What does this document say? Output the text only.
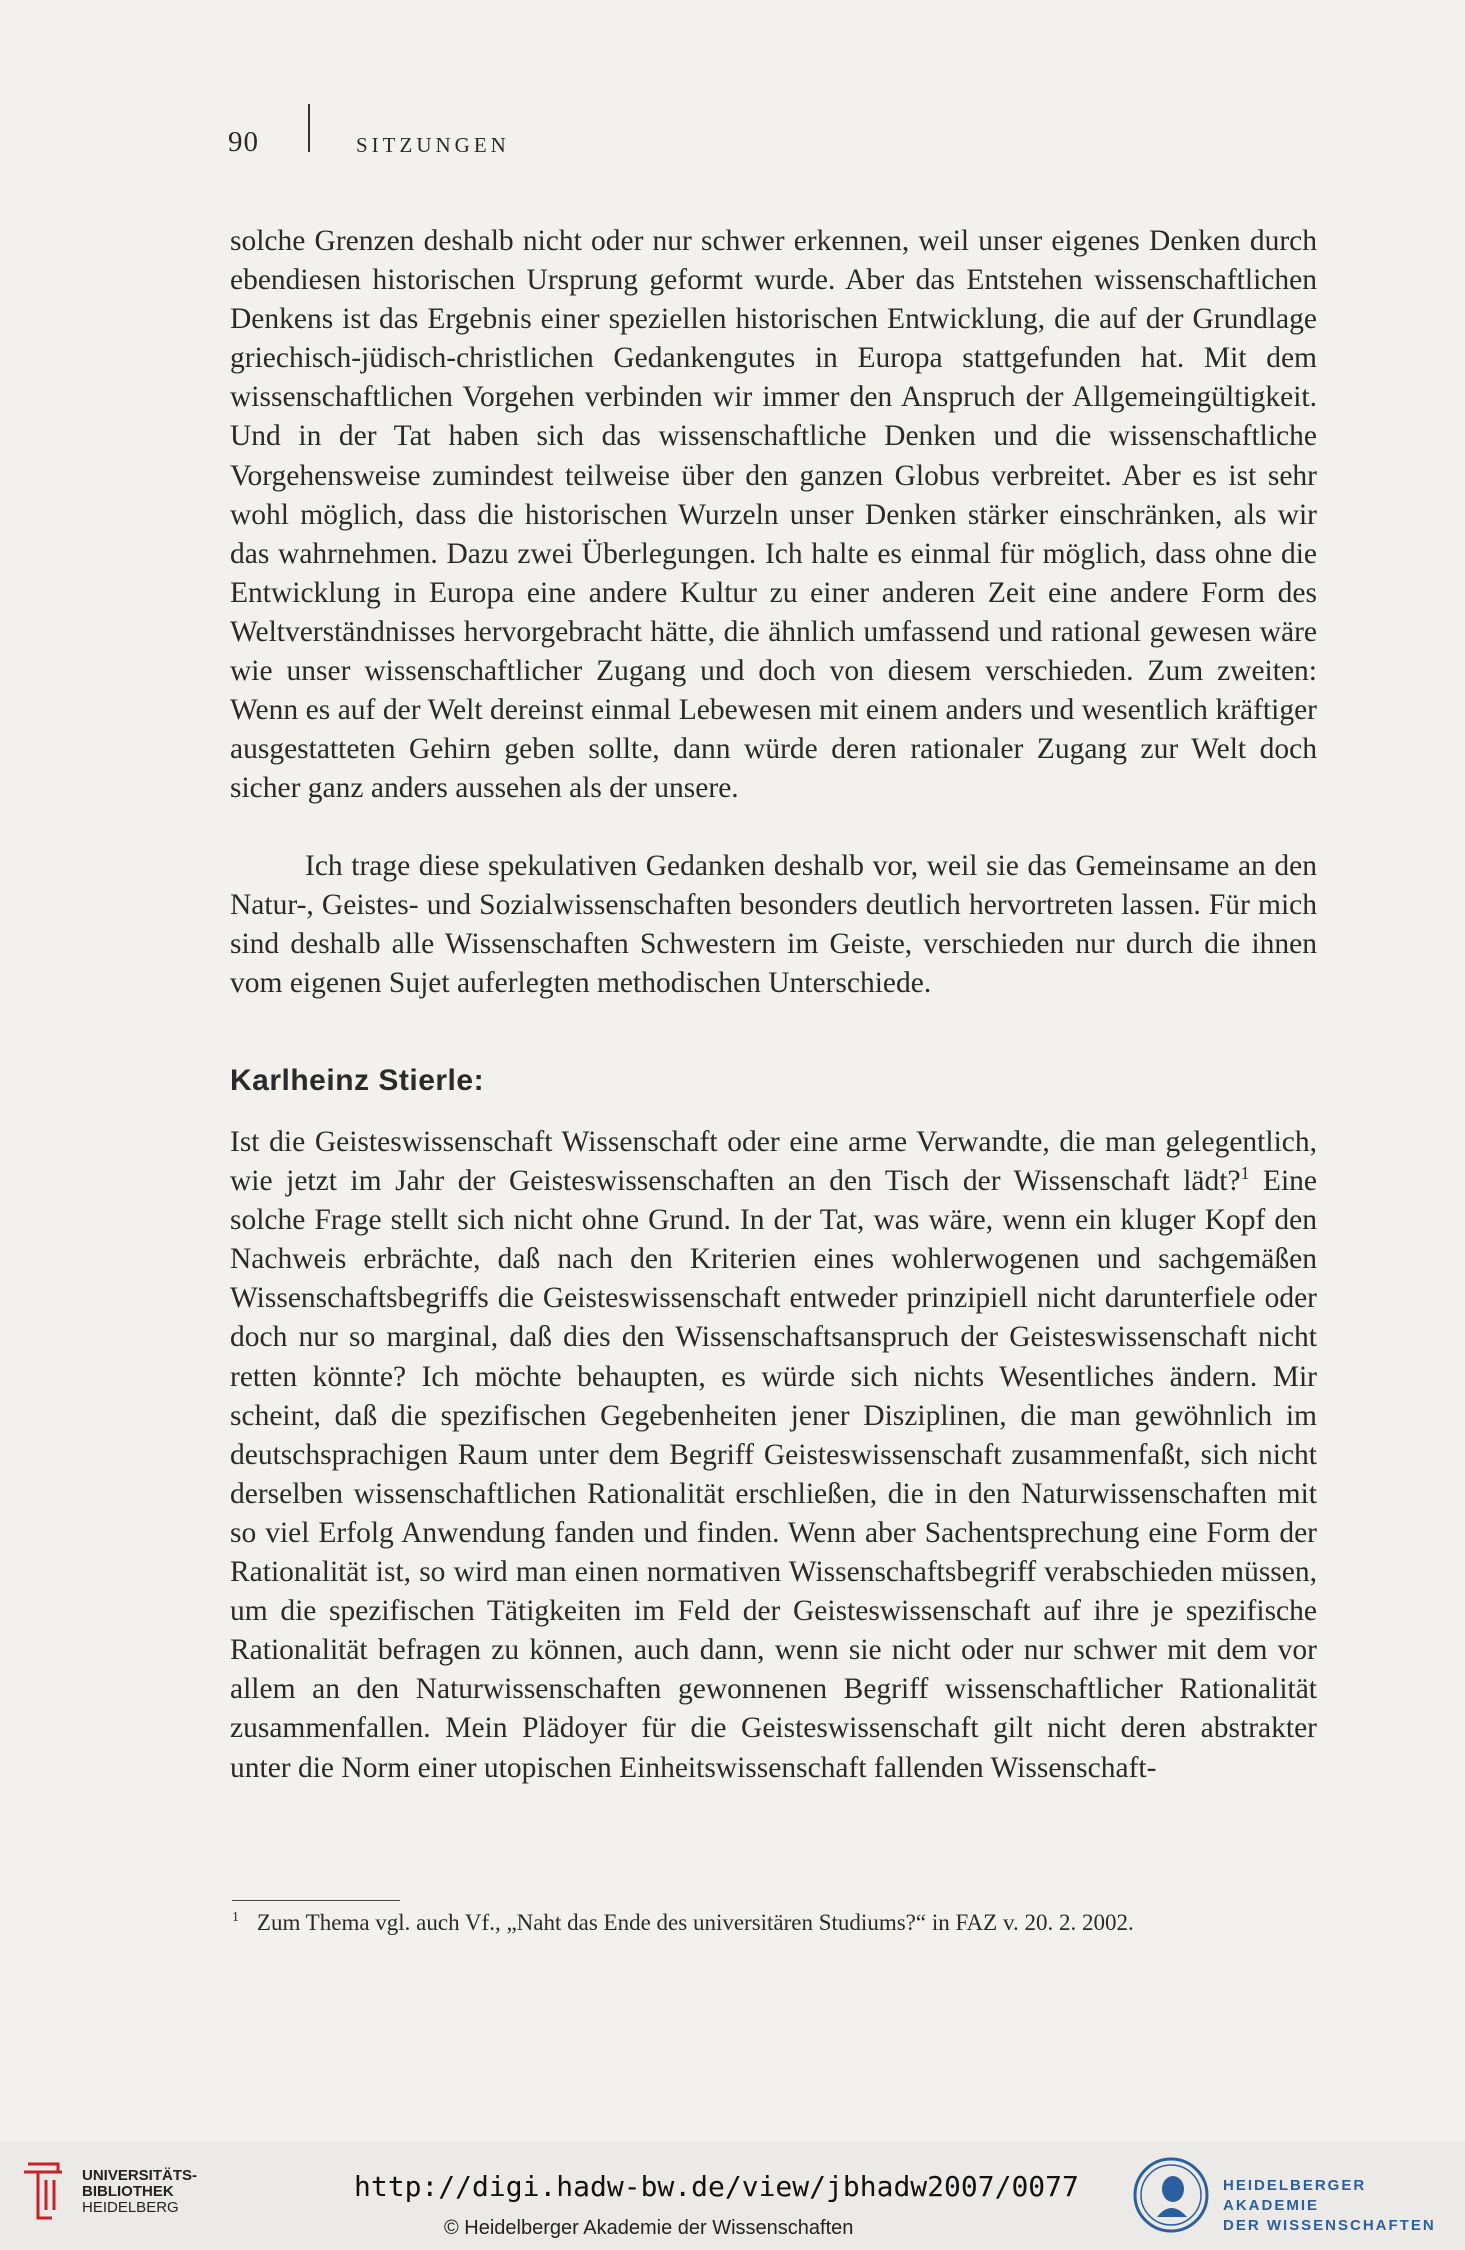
90	SITZUNGEN
solche Grenzen deshalb nicht oder nur schwer erkennen, weil unser eigenes Denken durch ebendiesen historischen Ursprung geformt wurde. Aber das Entstehen wissenschaftlichen Denkens ist das Ergebnis einer speziellen historischen Entwicklung, die auf der Grundlage griechisch-jüdisch-christlichen Gedankengutes in Europa stattgefunden hat. Mit dem wissenschaftlichen Vorgehen verbinden wir immer den Anspruch der Allgemeingültigkeit. Und in der Tat haben sich das wissenschaftliche Denken und die wissenschaftliche Vorgehensweise zumindest teilweise über den ganzen Globus verbreitet. Aber es ist sehr wohl möglich, dass die historischen Wurzeln unser Denken stärker einschränken, als wir das wahrnehmen. Dazu zwei Überlegungen. Ich halte es einmal für möglich, dass ohne die Entwicklung in Europa eine andere Kultur zu einer anderen Zeit eine andere Form des Weltverständnisses hervorgebracht hätte, die ähnlich umfassend und rational gewesen wäre wie unser wissenschaftlicher Zugang und doch von diesem verschieden. Zum zweiten: Wenn es auf der Welt dereinst einmal Lebewesen mit einem anders und wesentlich kräftiger ausgestatteten Gehirn geben sollte, dann würde deren rationaler Zugang zur Welt doch sicher ganz anders aussehen als der unsere.
Ich trage diese spekulativen Gedanken deshalb vor, weil sie das Gemeinsame an den Natur-, Geistes- und Sozialwissenschaften besonders deutlich hervortreten lassen. Für mich sind deshalb alle Wissenschaften Schwestern im Geiste, verschieden nur durch die ihnen vom eigenen Sujet auferlegten methodischen Unterschiede.
Karlheinz Stierle:
Ist die Geisteswissenschaft Wissenschaft oder eine arme Verwandte, die man gelegentlich, wie jetzt im Jahr der Geisteswissenschaften an den Tisch der Wissenschaft lädt?$^1$ Eine solche Frage stellt sich nicht ohne Grund. In der Tat, was wäre, wenn ein kluger Kopf den Nachweis erbrächte, daß nach den Kriterien eines wohlerwogenen und sachgemäßen Wissenschaftsbegriffs die Geisteswissenschaft entweder prinzipiell nicht darunterfiele oder doch nur so marginal, daß dies den Wissenschaftsanspruch der Geisteswissenschaft nicht retten könnte? Ich möchte behaupten, es würde sich nichts Wesentliches ändern. Mir scheint, daß die spezifischen Gegebenheiten jener Disziplinen, die man gewöhnlich im deutschsprachigen Raum unter dem Begriff Geisteswissenschaft zusammenfaßt, sich nicht derselben wissenschaftlichen Rationalität erschließen, die in den Naturwissenschaften mit so viel Erfolg Anwendung fanden und finden. Wenn aber Sachentsprechung eine Form der Rationalität ist, so wird man einen normativen Wissenschaftsbegriff verabschieden müssen, um die spezifischen Tätigkeiten im Feld der Geisteswissenschaft auf ihre je spezifische Rationalität befragen zu können, auch dann, wenn sie nicht oder nur schwer mit dem vor allem an den Naturwissenschaften gewonnenen Begriff wissenschaftlicher Rationalität zusammenfallen. Mein Plädoyer für die Geisteswissenschaft gilt nicht deren abstrakter unter die Norm einer utopischen Einheitswissenschaft fallenden Wissenschaft-
$^1$ Zum Thema vgl. auch Vf., „Naht das Ende des universitären Studiums?“ in FAZ v. 20. 2. 2002.
UNIVERSITÄTS-
BIBLIOTHEK
HEIDELBERG
http://digi.hadw-bw.de/view/jbhadw2007/0077
© Heidelberger Akademie der Wissenschaften
HEIDELBERGER AKADEMIE
DER WISSENSCHAFTEN
